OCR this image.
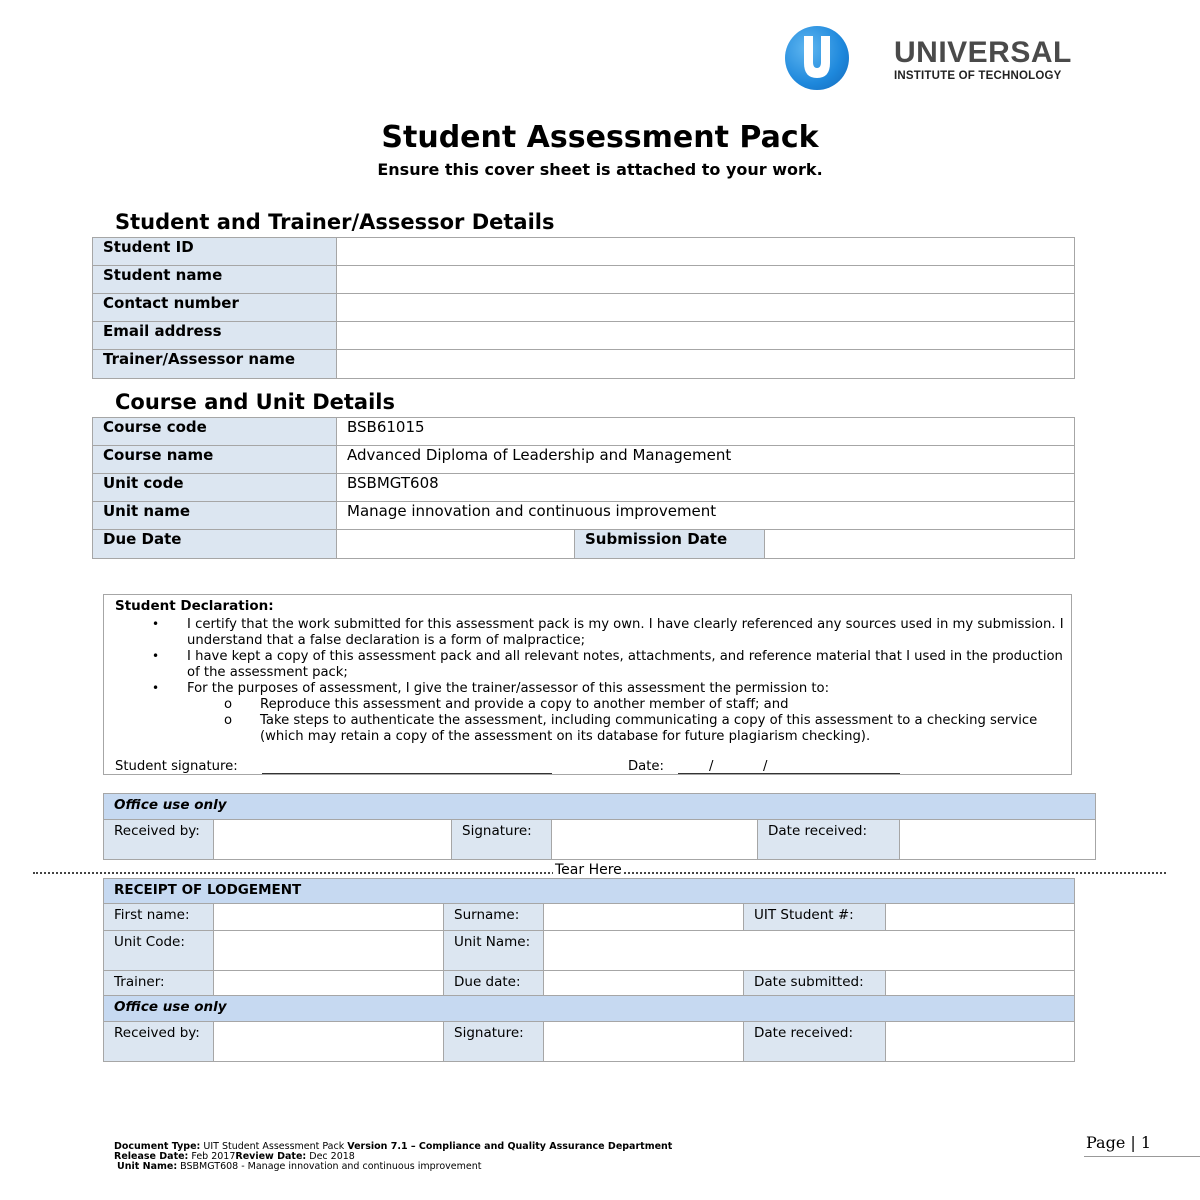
UNIVERSAL
INSTITUTE OF TECHNOLOGY
Student Assessment Pack
Ensure this cover sheet is attached to your work.
Student and Trainer/Assessor Details
Student ID	
Student name	
Contact number	
Email address	
Trainer/Assessor name	
Course and Unit Details
Course code	BSB61015		
Course name	Advanced Diploma of Leadership and Management		
Unit code	BSBMGT608		
Unit name	Manage innovation and continuous improvement		
Due Date		Submission Date	
Student Declaration:
• I certify that the work submitted for this assessment pack is my own. I have clearly referenced any sources used in my submission. I understand that a false declaration is a form of malpractice;
• I have kept a copy of this assessment pack and all relevant notes, attachments, and reference material that I used in the production of the assessment pack;
• For the purposes of assessment, I give the trainer/assessor of this assessment the permission to:
o Reproduce this assessment and provide a copy to another member of staff; and
o Take steps to authenticate the assessment, including communicating a copy of this assessment to a checking service (which may retain a copy of the assessment on its database for future plagiarism checking).
Student signature:	Date:	/	/
Office use only
Received by:		Signature:		Date received:	
Tear Here
RECEIPT OF LODGEMENT					
First name:		Surname:		UIT Student #:	
Unit Code:		Unit Name:			
Trainer:		Due date:		Date submitted:	
Office use only					
Received by:		Signature:		Date received:	
Document Type: UIT Student Assessment Pack Version 7.1 – Compliance and Quality Assurance Department
Release Date: Feb 2017Review Date: Dec 2018
Unit Name: BSBMGT608 - Manage innovation and continuous improvement
Page | 1
